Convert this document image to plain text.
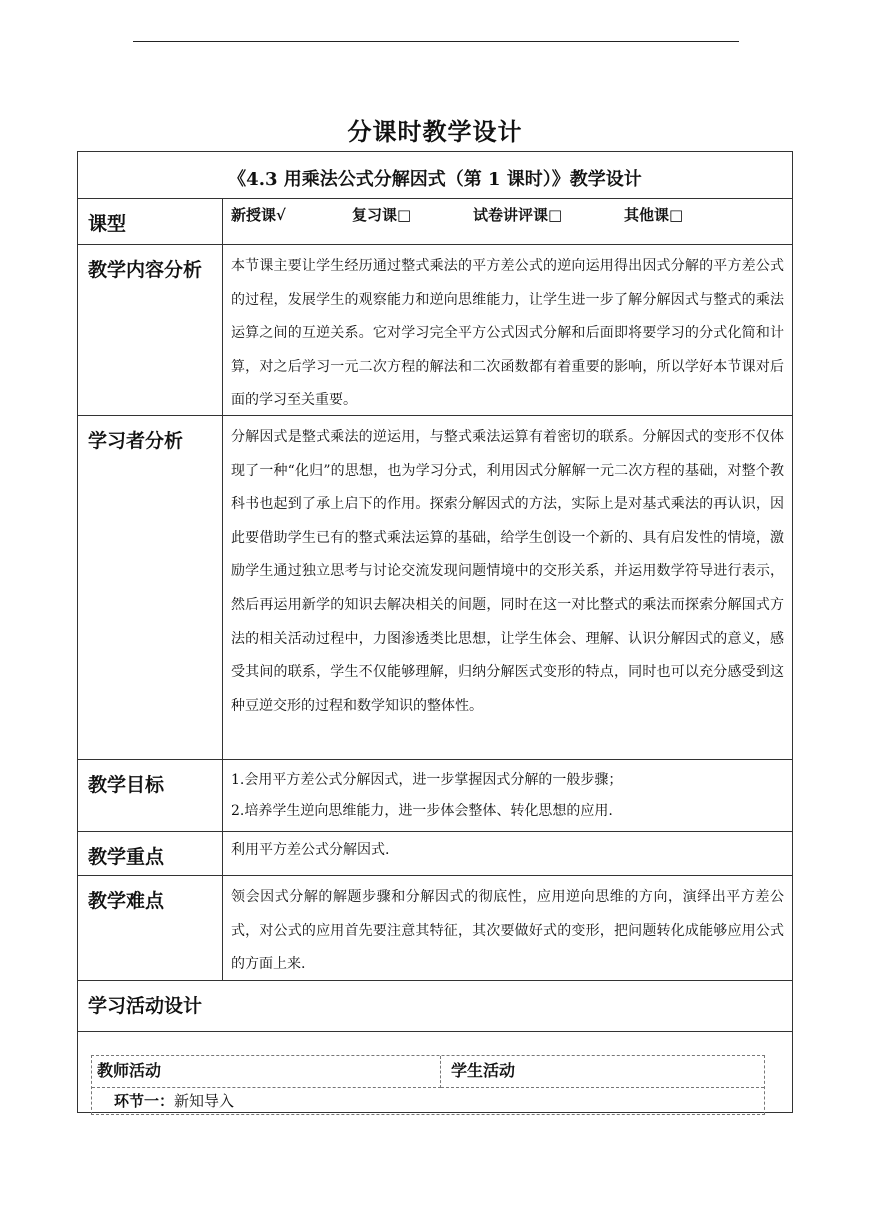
分课时教学设计
《4.3 用乘法公式分解因式（第 1 课时）》教学设计
课型	新授课√	复习课□	试卷讲评课□	其他课□
教学内容分析	本节课主要让学生经历通过整式乘法的平方差公式的逆向运用得出因式分解的平方差公式的过程，发展学生的观察能力和逆向思维能力，让学生进一步了解分解因式与整式的乘法运算之间的互逆关系。它对学习完全平方公式因式分解和后面即将要学习的分式化简和计算，对之后学习一元二次方程的解法和二次函数都有着重要的影响，所以学好本节课对后面的学习至关重要。
学习者分析	分解因式是整式乘法的逆运用，与整式乘法运算有着密切的联系。分解因式的变形不仅体现了一种“化归”的思想，也为学习分式，利用因式分解解一元二次方程的基础，对整个教科书也起到了承上启下的作用。探索分解因式的方法，实际上是对基式乘法的再认识，因此要借助学生已有的整式乘法运算的基础，给学生创设一个新的、具有启发性的情境，激励学生通过独立思考与讨论交流发现问题情境中的交形关系，并运用数学符导进行表示，然后再运用新学的知识去解决相关的间题，同时在这一对比整式的乘法而探索分解国式方法的相关活动过程中，力图渗透类比思想，让学生体会、理解、认识分解因式的意义，感受其间的联系，学生不仅能够理解，归纳分解医式变形的特点，同时也可以充分感受到这种豆逆交形的过程和数学知识的整体性。
教学目标	1.会用平方差公式分解因式，进一步掌握因式分解的一般步骤；

2.培养学生逆向思维能力，进一步体会整体、转化思想的应用.

教学重点	利用平方差公式分解因式.
教学难点	领会因式分解的解题步骤和分解因式的彻底性，应用逆向思维的方向，演绎出平方差公式，对公式的应用首先要注意其特征，其次要做好式的变形，把问题转化成能够应用公式的方面上来.
学习活动设计
教师活动	学生活动
环节一：新知导入
